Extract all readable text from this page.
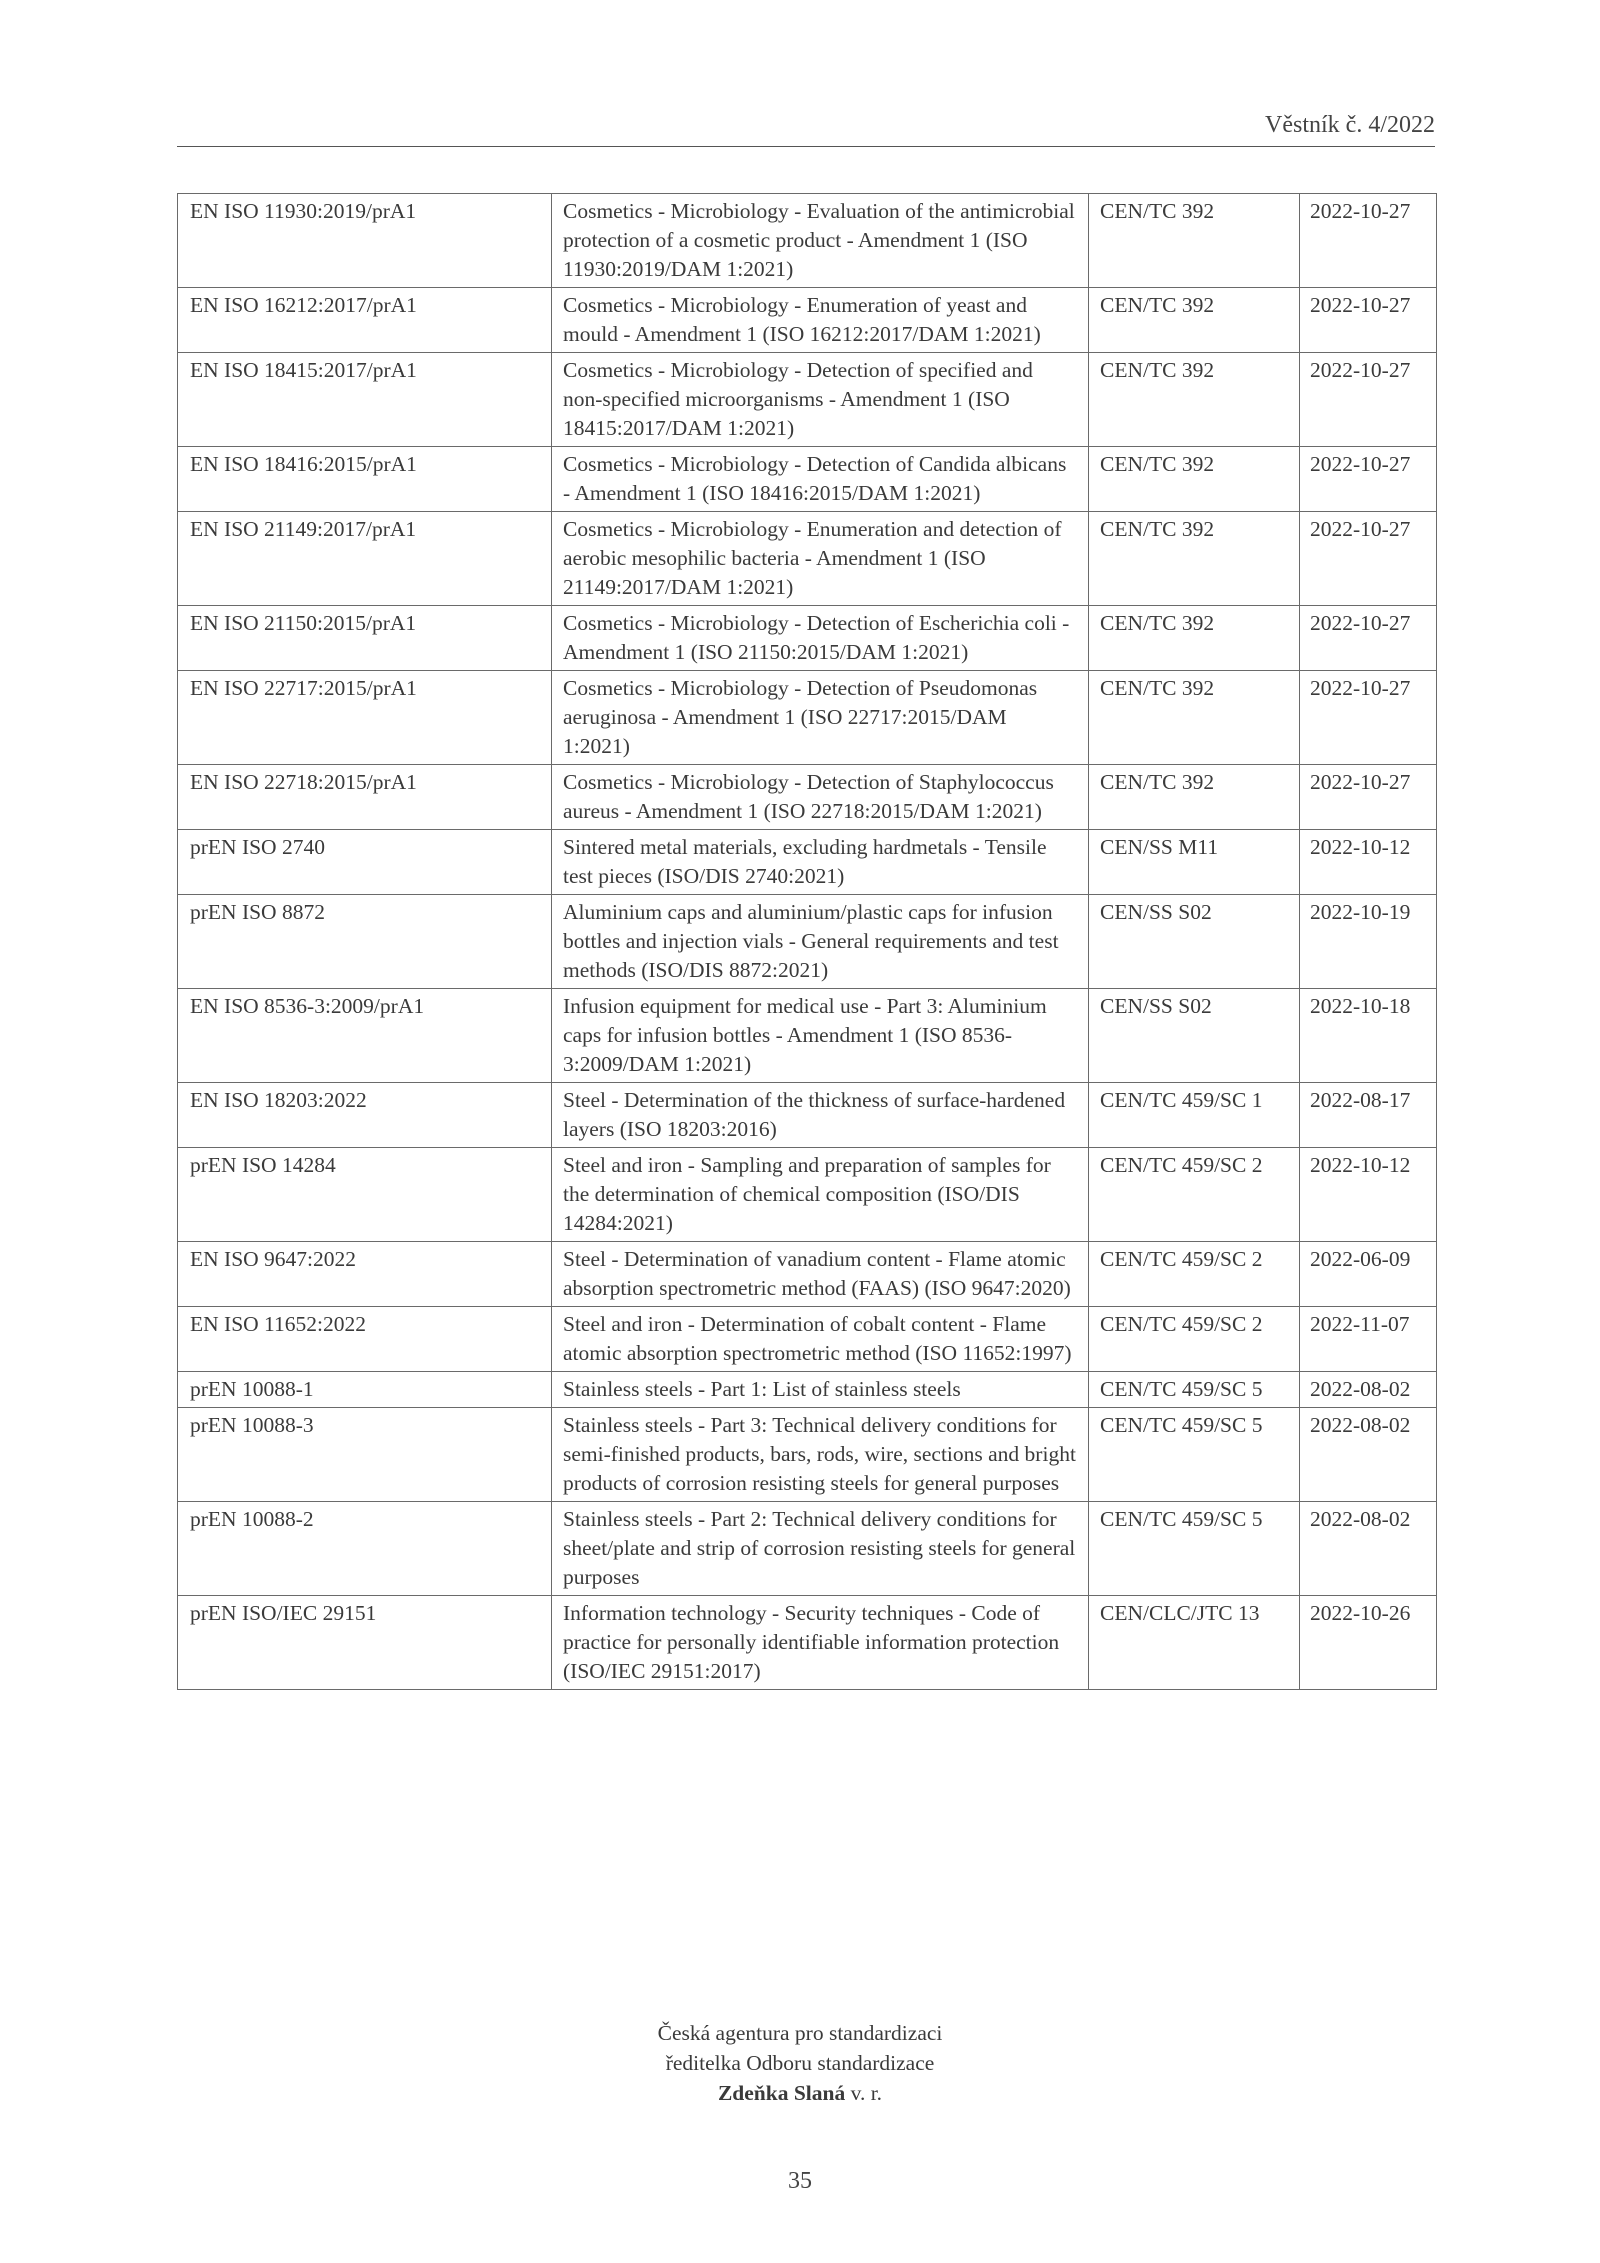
Věstník č. 4/2022
EN ISO 11930:2019/prA1	Cosmetics - Microbiology - Evaluation of the antimicrobial protection of a cosmetic product - Amendment 1 (ISO 11930:2019/DAM 1:2021)	CEN/TC 392	2022-10-27
EN ISO 16212:2017/prA1	Cosmetics - Microbiology - Enumeration of yeast and mould - Amendment 1 (ISO 16212:2017/DAM 1:2021)	CEN/TC 392	2022-10-27
EN ISO 18415:2017/prA1	Cosmetics - Microbiology - Detection of specified and non-specified microorganisms - Amendment 1 (ISO 18415:2017/DAM 1:2021)	CEN/TC 392	2022-10-27
EN ISO 18416:2015/prA1	Cosmetics - Microbiology - Detection of Candida albicans - Amendment 1 (ISO 18416:2015/DAM 1:2021)	CEN/TC 392	2022-10-27
EN ISO 21149:2017/prA1	Cosmetics - Microbiology - Enumeration and detection of aerobic mesophilic bacteria - Amendment 1 (ISO 21149:2017/DAM 1:2021)	CEN/TC 392	2022-10-27
EN ISO 21150:2015/prA1	Cosmetics - Microbiology - Detection of Escherichia coli - Amendment 1 (ISO 21150:2015/DAM 1:2021)	CEN/TC 392	2022-10-27
EN ISO 22717:2015/prA1	Cosmetics - Microbiology - Detection of Pseudomonas aeruginosa - Amendment 1 (ISO 22717:2015/DAM 1:2021)	CEN/TC 392	2022-10-27
EN ISO 22718:2015/prA1	Cosmetics - Microbiology - Detection of Staphylococcus aureus - Amendment 1 (ISO 22718:2015/DAM 1:2021)	CEN/TC 392	2022-10-27
prEN ISO 2740	Sintered metal materials, excluding hardmetals - Tensile test pieces (ISO/DIS 2740:2021)	CEN/SS M11	2022-10-12
prEN ISO 8872	Aluminium caps and aluminium/plastic caps for infusion bottles and injection vials - General requirements and test methods (ISO/DIS 8872:2021)	CEN/SS S02	2022-10-19
EN ISO 8536-3:2009/prA1	Infusion equipment for medical use - Part 3: Aluminium caps for infusion bottles - Amendment 1 (ISO 8536-3:2009/DAM 1:2021)	CEN/SS S02	2022-10-18
EN ISO 18203:2022	Steel - Determination of the thickness of surface-hardened layers (ISO 18203:2016)	CEN/TC 459/SC 1	2022-08-17
prEN ISO 14284	Steel and iron - Sampling and preparation of samples for the determination of chemical composition (ISO/DIS 14284:2021)	CEN/TC 459/SC 2	2022-10-12
EN ISO 9647:2022	Steel - Determination of vanadium content - Flame atomic absorption spectrometric method (FAAS) (ISO 9647:2020)	CEN/TC 459/SC 2	2022-06-09
EN ISO 11652:2022	Steel and iron - Determination of cobalt content - Flame atomic absorption spectrometric method (ISO 11652:1997)	CEN/TC 459/SC 2	2022-11-07
prEN 10088-1	Stainless steels - Part 1: List of stainless steels	CEN/TC 459/SC 5	2022-08-02
prEN 10088-3	Stainless steels - Part 3: Technical delivery conditions for semi-finished products, bars, rods, wire, sections and bright products of corrosion resisting steels for general purposes	CEN/TC 459/SC 5	2022-08-02
prEN 10088-2	Stainless steels - Part 2: Technical delivery conditions for sheet/plate and strip of corrosion resisting steels for general purposes	CEN/TC 459/SC 5	2022-08-02
prEN ISO/IEC 29151	Information technology - Security techniques - Code of practice for personally identifiable information protection (ISO/IEC 29151:2017)	CEN/CLC/JTC 13	2022-10-26
Česká agentura pro standardizaci
ředitelka Odboru standardizace
Zdeňka Slaná v. r.
35
